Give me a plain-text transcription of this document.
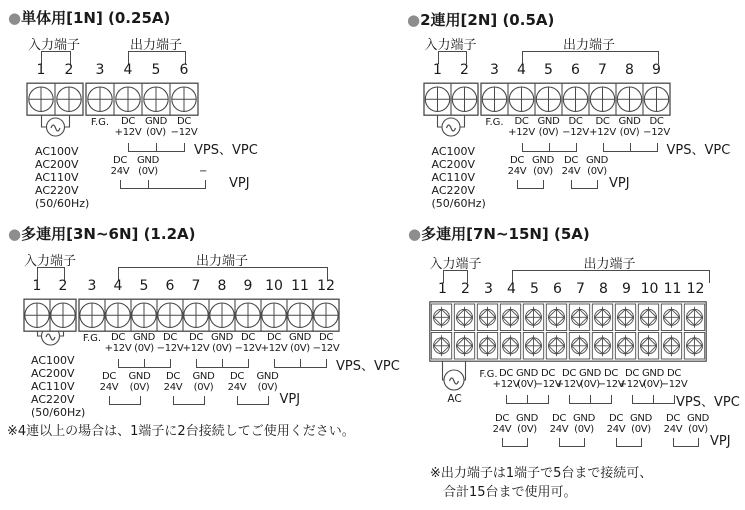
●単体用[1N] (0.25A)
入力端子	出力端子
1	2	3	4	5	6
AC100V
AC200V
AC110V
AC220V
(50/60Hz)
F.G.	DC
+12V
GND
(0V)
DC
−12V
VPS、VPC
DC
24V
GND
(0V)	−
VPJ
●2連用[2N] (0.5A)
入力端子	出力端子
1	2	3	4	5	6	7	8	9
AC100V
AC200V
AC110V
AC220V
(50/60Hz)
F.G.	DC
+12V
GND
(0V)
DC
−12V
DC
+12V
GND
(0V)
DC
−12V
VPS、VPC
DC
24V
GND
(0V)
DC
24V
GND
(0V)
VPJ
●多連用[3N~6N] (1.2A)
入力端子	出力端子
1	2	3	4	5	6	7	8	9 10 11 12
AC100V
AC200V
AC110V
AC220V
(50/60Hz)
F.G. DC
+12V
GND
(0V)
DC
−12V
DC
+12V
GND
(0V)
DC
−12V
DC
+12V
GND
(0V)
DC
−12V
VPS、VPC
DC
24V
GND
(0V)
DC
24V
GND
(0V)
DC
24V
GND
(0V)
VPJ
※4連以上の場合は、1端子に2台接続してご使用ください。
●多連用[7N~15N] (5A)
入力端子	出力端子
1	2	3	4	5	6	7	8	9 10 11 12
AC
F.G. DC
+12V
GND
(0V)
DC
−12V
DC
+12V
GND
(0V)
DC
−12V
DC
+12V
GND
(0V)
DC
−12V
VPS、VPC
DC
24V
GND
(0V)
DC
24V
GND
(0V)
DC
24V
GND
(0V)
DC
24V
GND
(0V)
VPJ
※出力端子は1端子で5台まで接続可、
合計15台まで使用可。
